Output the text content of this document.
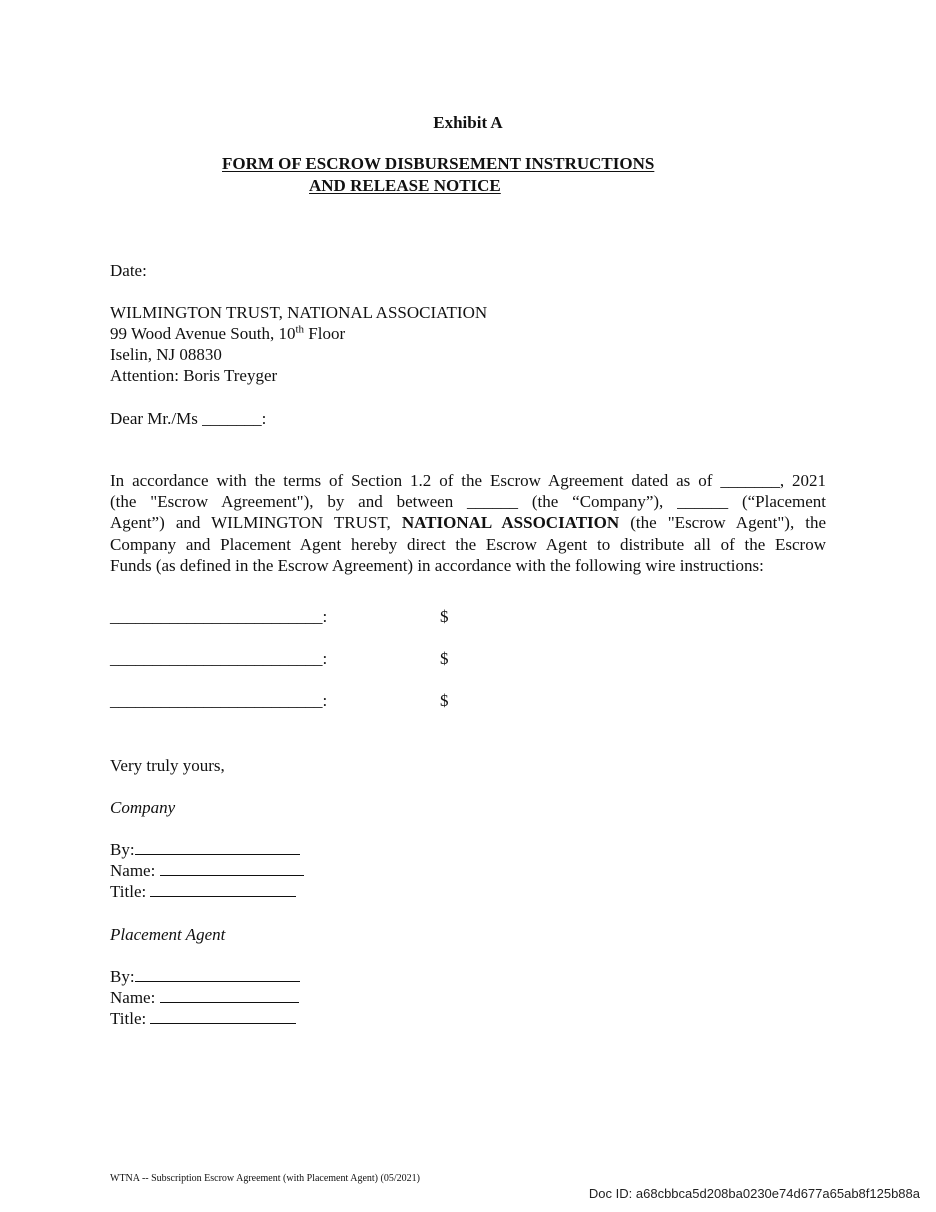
Exhibit A
FORM OF ESCROW DISBURSEMENT INSTRUCTIONS
AND RELEASE NOTICE
Date:
WILMINGTON TRUST, NATIONAL ASSOCIATION
99 Wood Avenue South, 10th Floor
Iselin, NJ 08830
Attention: Boris Treyger
Dear Mr./Ms _______:
In accordance with the terms of Section 1.2 of the Escrow Agreement dated as of _______, 2021
(the "Escrow Agreement"), by and between ______ (the “Company”), ______ (“Placement
Agent”) and WILMINGTON TRUST, NATIONAL ASSOCIATION (the "Escrow Agent"), the
Company and Placement Agent hereby direct the Escrow Agent to distribute all of the Escrow
Funds (as defined in the Escrow Agreement) in accordance with the following wire instructions:
_________________________:	$
_________________________:	$
_________________________:	$
Very truly yours,
Company
By:
Name:
Title:
Placement Agent
By:
Name:
Title:
WTNA -- Subscription Escrow Agreement (with Placement Agent) (05/2021)
Doc ID: a68cbbca5d208ba0230e74d677a65ab8f125b88a
